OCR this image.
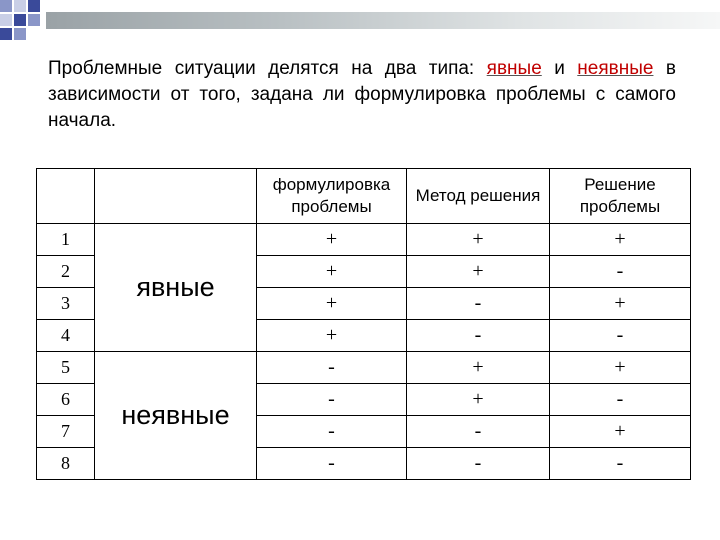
Проблемные ситуации делятся на два типа: явные и неявные в зависимости от того, задана ли формулировка проблемы с самого начала.

		формулировка проблемы	Метод решения	Решение проблемы
1	явные	+	+	+
2		+	+	-
3		+	-	+
4		+	-	-
5	неявные	-	+	+
6		-	+	-
7		-	-	+
8		-	-	-
